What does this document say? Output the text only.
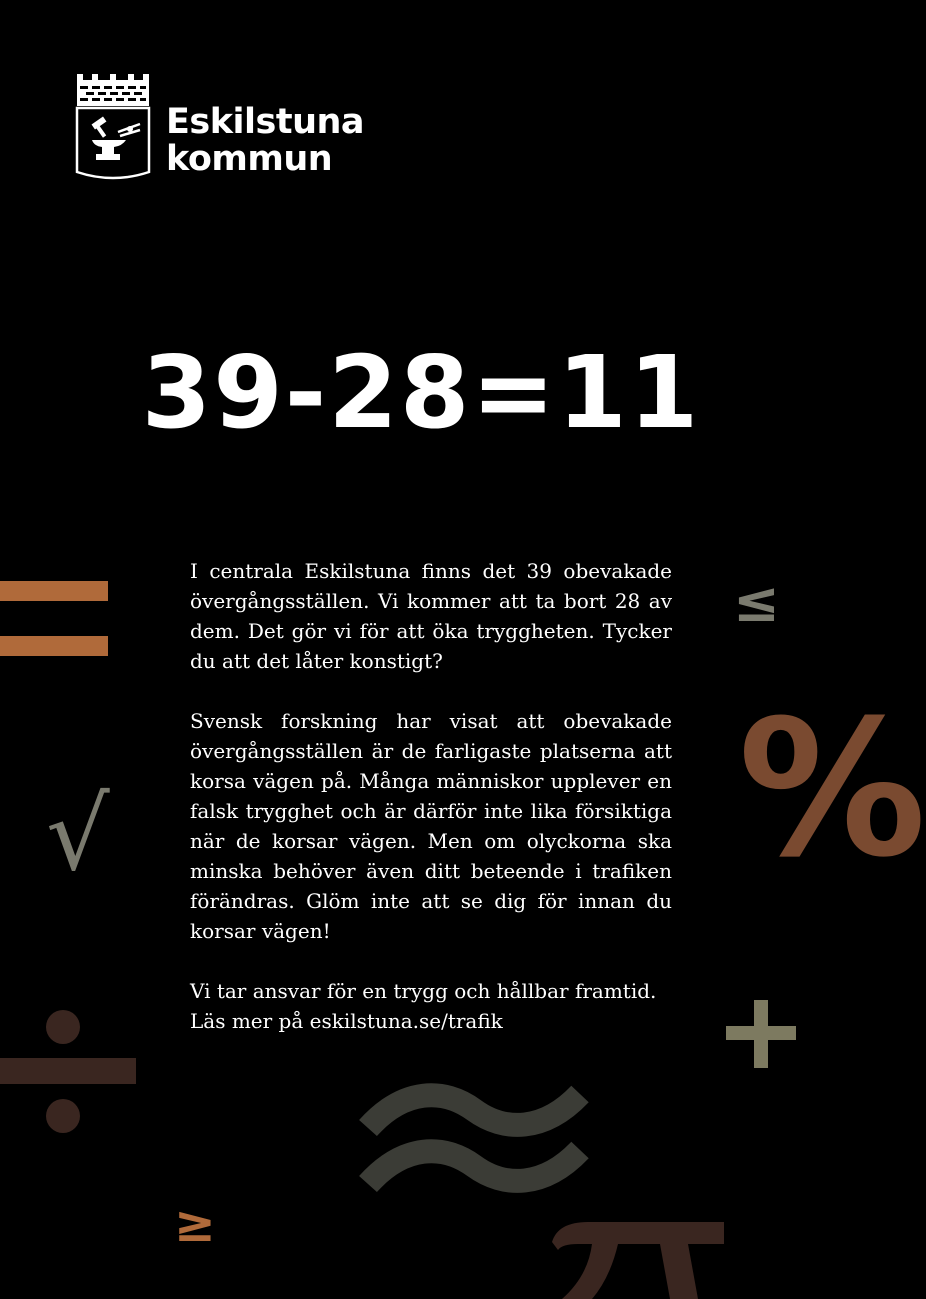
Eskilstuna
kommun
39-28=11

I centrala Eskilstuna finns det 39 obevakade övergångsställen. Vi kommer att ta bort 28 av dem. Det gör vi för att öka tryggheten. Tycker du att det låter konstigt?

Svensk forskning har visat att obevakade övergångsställen är de farligaste platserna att korsa vägen på. Många människor upplever en falsk trygghet och är därför inte lika försiktiga när de korsar vägen. Men om olyckorna ska minska behöver även ditt beteende i trafiken förändras. Glöm inte att se dig för innan du korsar vägen!

Vi tar ansvar för en trygg och hållbar framtid.
Läs mer på eskilstuna.se/trafik

≤
%
√
≥
